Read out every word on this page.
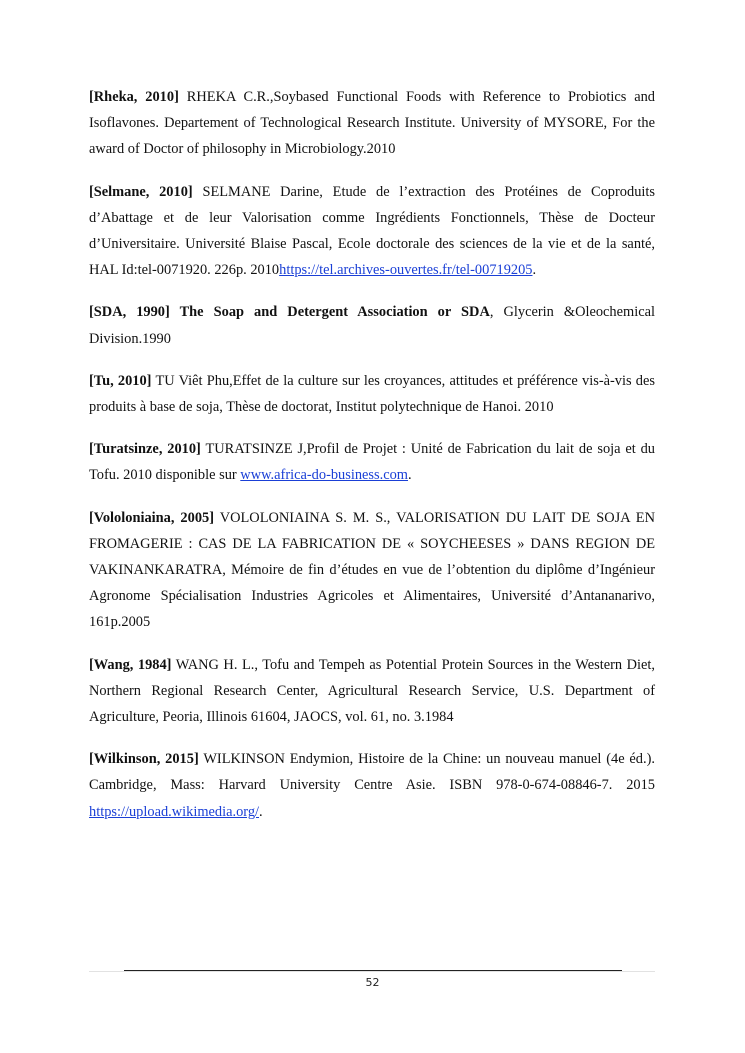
[Rheka, 2010] RHEKA C.R.,Soybased Functional Foods with Reference to Probiotics and Isoflavones. Departement of Technological Research Institute. University of MYSORE, For the award of Doctor of philosophy in Microbiology.2010

[Selmane, 2010] SELMANE Darine, Etude de l’extraction des Protéines de Coproduits d’Abattage et de leur Valorisation comme Ingrédients Fonctionnels, Thèse de Docteur d’Universitaire. Université Blaise Pascal, Ecole doctorale des sciences de la vie et de la santé, HAL Id:tel-0071920. 226p. 2010https://tel.archives-ouvertes.fr/tel-00719205.

[SDA, 1990] The Soap and Detergent Association or SDA, Glycerin &Oleochemical Division.1990

[Tu, 2010] TU Viêt Phu,Effet de la culture sur les croyances, attitudes et préférence vis-à-vis des produits à base de soja, Thèse de doctorat, Institut polytechnique de Hanoi. 2010

[Turatsinze, 2010] TURATSINZE J,Profil de Projet : Unité de Fabrication du lait de soja et du Tofu. 2010 disponible sur www.africa-do-business.com.

[Vololoniaina, 2005] VOLOLONIAINA S. M. S., VALORISATION DU LAIT DE SOJA EN FROMAGERIE : CAS DE LA FABRICATION DE « SOYCHEESES » DANS REGION DE VAKINANKARATRA, Mémoire de fin d’études en vue de l’obtention du diplôme d’Ingénieur Agronome Spécialisation Industries Agricoles et Alimentaires, Université d’Antananarivo, 161p.2005

[Wang, 1984] WANG H. L., Tofu and Tempeh as Potential Protein Sources in the Western Diet, Northern Regional Research Center, Agricultural Research Service, U.S. Department of Agriculture, Peoria, Illinois 61604, JAOCS, vol. 61, no. 3.1984

[Wilkinson, 2015] WILKINSON Endymion, Histoire de la Chine: un nouveau manuel (4e éd.). Cambridge, Mass: Harvard University Centre Asie. ISBN 978-0-674-08846-7. 2015 https://upload.wikimedia.org/.

52
